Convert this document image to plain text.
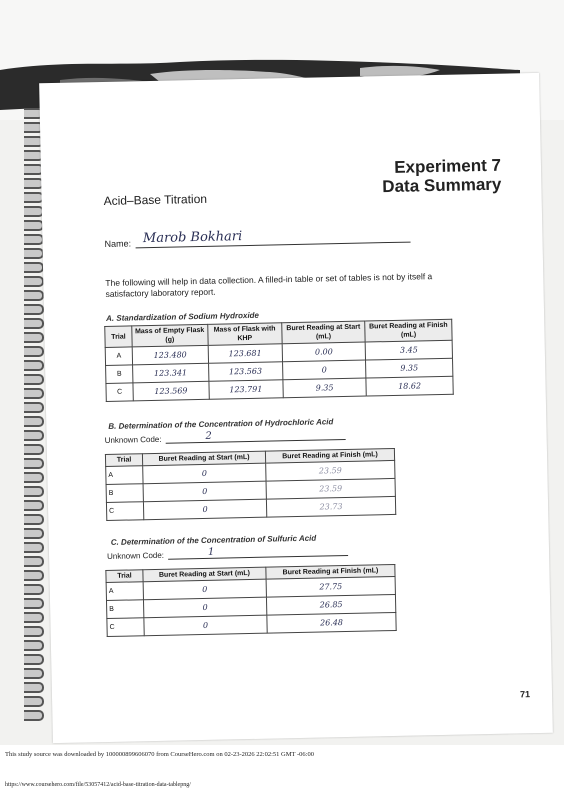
Experiment 7
Data Summary
Acid–Base Titration
Name: Marob Bokhari
The following will help in data collection. A filled-in table or set of tables is not by itself a satisfactory laboratory report.
A. Standardization of Sodium Hydroxide
Trial	Mass of Empty Flask (g)	Mass of Flask with KHP	Buret Reading at Start (mL)	Buret Reading at Finish (mL)
A	123.480	123.681	0.00	3.45
B	123.341	123.563	0	9.35
C	123.569	123.791	9.35	18.62
B. Determination of the Concentration of Hydrochloric Acid
Unknown Code:	2
Trial	Buret Reading at Start (mL)	Buret Reading at Finish (mL)
A	0	23.59
B	0	23.59
C	0	23.73
C. Determination of the Concentration of Sulfuric Acid
Unknown Code:	1
Trial	Buret Reading at Start (mL)	Buret Reading at Finish (mL)
A	0	27.75
B	0	26.85
C	0	26.48
71
This study source was downloaded by 100000899606070 from CourseHero.com on 02-23-2026 22:02:51 GMT -06:00
https://www.coursehero.com/file/53057412/acid-base-titration-data-tablepng/
